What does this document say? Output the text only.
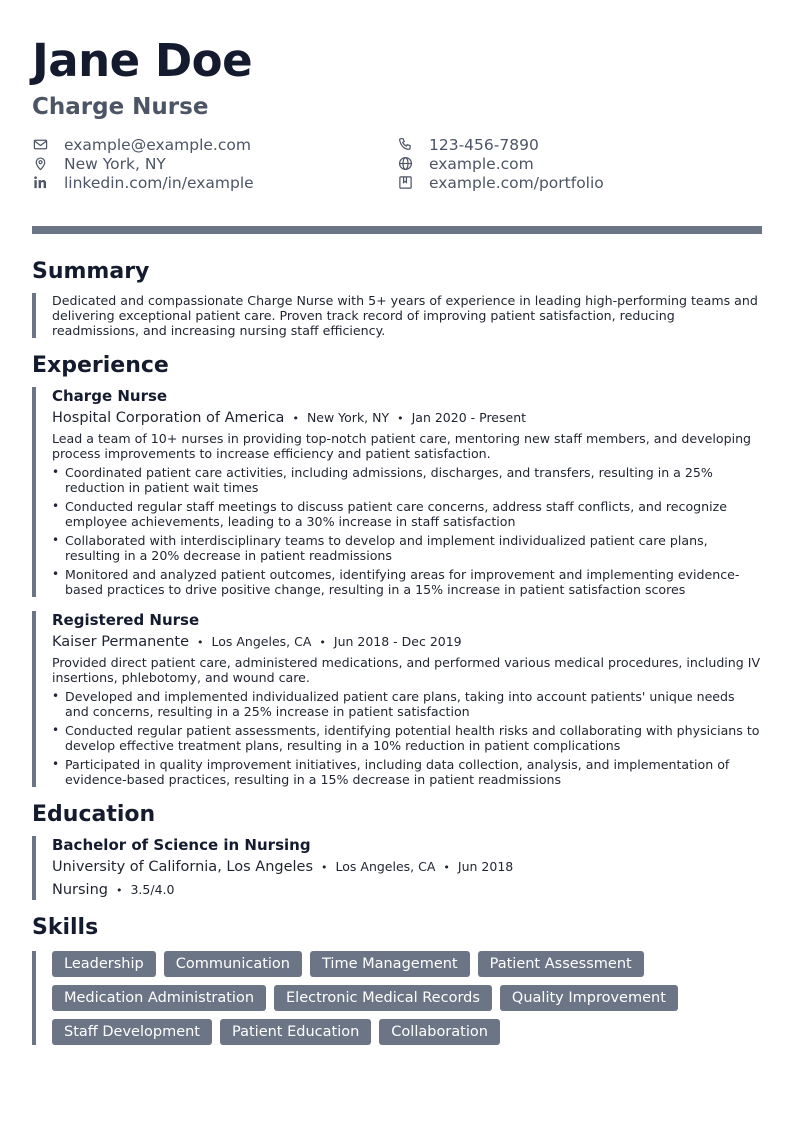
Jane Doe
Charge Nurse
example@example.com	123-456-7890
New York, NY	example.com
linkedin.com/in/example	example.com/portfolio
Summary

Dedicated and compassionate Charge Nurse with 5+ years of experience in leading high-performing teams and delivering exceptional patient care. Proven track record of improving patient satisfaction, reducing readmissions, and increasing nursing staff efficiency.

Experience
Charge Nurse
Hospital Corporation of America • New York, NY • Jan 2020 - Present

Lead a team of 10+ nurses in providing top-notch patient care, mentoring new staff members, and developing process improvements to increase efficiency and patient satisfaction.

• Coordinated patient care activities, including admissions, discharges, and transfers, resulting in a 25% reduction in patient wait times
• Conducted regular staff meetings to discuss patient care concerns, address staff conflicts, and recognize employee achievements, leading to a 30% increase in staff satisfaction
• Collaborated with interdisciplinary teams to develop and implement individualized patient care plans, resulting in a 20% decrease in patient readmissions
• Monitored and analyzed patient outcomes, identifying areas for improvement and implementing evidence-based practices to drive positive change, resulting in a 15% increase in patient satisfaction scores
Registered Nurse
Kaiser Permanente • Los Angeles, CA • Jun 2018 - Dec 2019

Provided direct patient care, administered medications, and performed various medical procedures, including IV insertions, phlebotomy, and wound care.

• Developed and implemented individualized patient care plans, taking into account patients' unique needs and concerns, resulting in a 25% increase in patient satisfaction
• Conducted regular patient assessments, identifying potential health risks and collaborating with physicians to develop effective treatment plans, resulting in a 10% reduction in patient complications
• Participated in quality improvement initiatives, including data collection, analysis, and implementation of evidence-based practices, resulting in a 15% decrease in patient readmissions
Education
Bachelor of Science in Nursing
University of California, Los Angeles • Los Angeles, CA • Jun 2018
Nursing • 3.5/4.0
Skills
Leadership	Communication	Time Management	Patient Assessment
Medication Administration	Electronic Medical Records	Quality Improvement
Staff Development	Patient Education	Collaboration
